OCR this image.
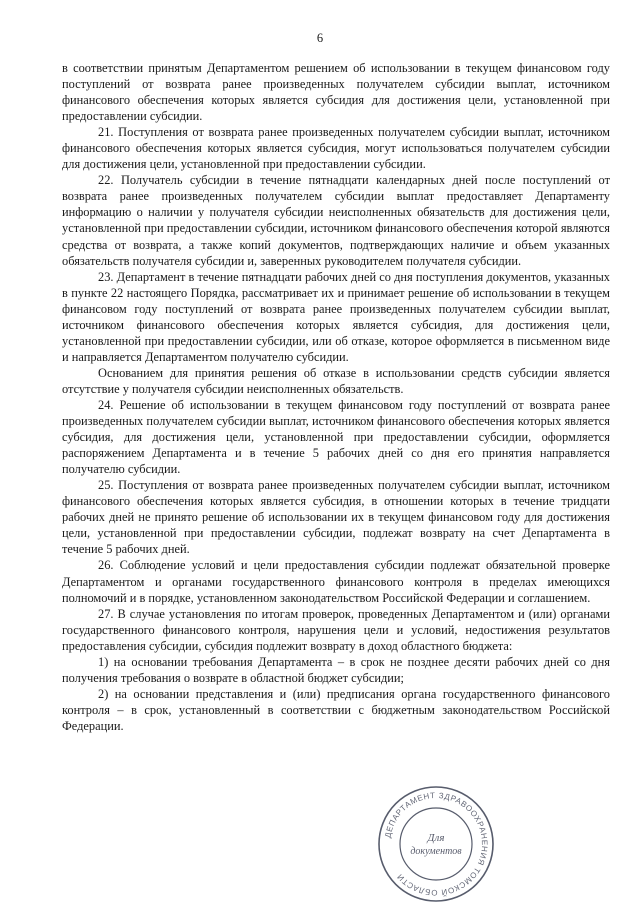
6

в соответствии принятым Департаментом решением об использовании в текущем финансовом году поступлений от возврата ранее произведенных получателем субсидии выплат, источником финансового обеспечения которых является субсидия для достижения цели, установленной при предоставлении субсидии.

21. Поступления от возврата ранее произведенных получателем субсидии выплат, источником финансового обеспечения которых является субсидия, могут использоваться получателем субсидии для достижения цели, установленной при предоставлении субсидии.

22. Получатель субсидии в течение пятнадцати календарных дней после поступлений от возврата ранее произведенных получателем субсидии выплат предоставляет Департаменту информацию о наличии у получателя субсидии неисполненных обязательств для достижения цели, установленной при предоставлении субсидии, источником финансового обеспечения которой являются средства от возврата, а также копий документов, подтверждающих наличие и объем указанных обязательств получателя субсидии и, заверенных руководителем получателя субсидии.

23. Департамент в течение пятнадцати рабочих дней со дня поступления документов, указанных в пункте 22 настоящего Порядка, рассматривает их и принимает решение об использовании в текущем финансовом году поступлений от возврата ранее произведенных получателем субсидии выплат, источником финансового обеспечения которых является субсидия, для достижения цели, установленной при предоставлении субсидии, или об отказе, которое оформляется в письменном виде и направляется Департаментом получателю субсидии.

Основанием для принятия решения об отказе в использовании средств субсидии является отсутствие у получателя субсидии неисполненных обязательств.

24. Решение об использовании в текущем финансовом году поступлений от возврата ранее произведенных получателем субсидии выплат, источником финансового обеспечения которых является субсидия, для достижения цели, установленной при предоставлении субсидии, оформляется распоряжением Департамента и в течение 5 рабочих дней со дня его принятия направляется получателю субсидии.

25. Поступления от возврата ранее произведенных получателем субсидии выплат, источником финансового обеспечения которых является субсидия, в отношении которых в течение тридцати рабочих дней не принято решение об использовании их в текущем финансовом году для достижения цели, установленной при предоставлении субсидии, подлежат возврату на счет Департамента в течение 5 рабочих дней.

26. Соблюдение условий и цели предоставления субсидии подлежат обязательной проверке Департаментом и органами государственного финансового контроля в пределах имеющихся полномочий и в порядке, установленном законодательством Российской Федерации и соглашением.

27. В случае установления по итогам проверок, проведенных Департаментом и (или) органами государственного финансового контроля, нарушения цели и условий, недостижения результатов предоставления субсидии, субсидия подлежит возврату в доход областного бюджета:

1) на основании требования Департамента – в срок не позднее десяти рабочих дней со дня получения требования о возврате в областной бюджет субсидии;

2) на основании представления и (или) предписания органа государственного финансового контроля – в срок, установленный в соответствии с бюджетным законодательством Российской Федерации.

ДЕПАРТАМЕНТ ЗДРАВООХРАНЕНИЯ ТОМСКОЙ ОБЛАСТИ
Для
документов
